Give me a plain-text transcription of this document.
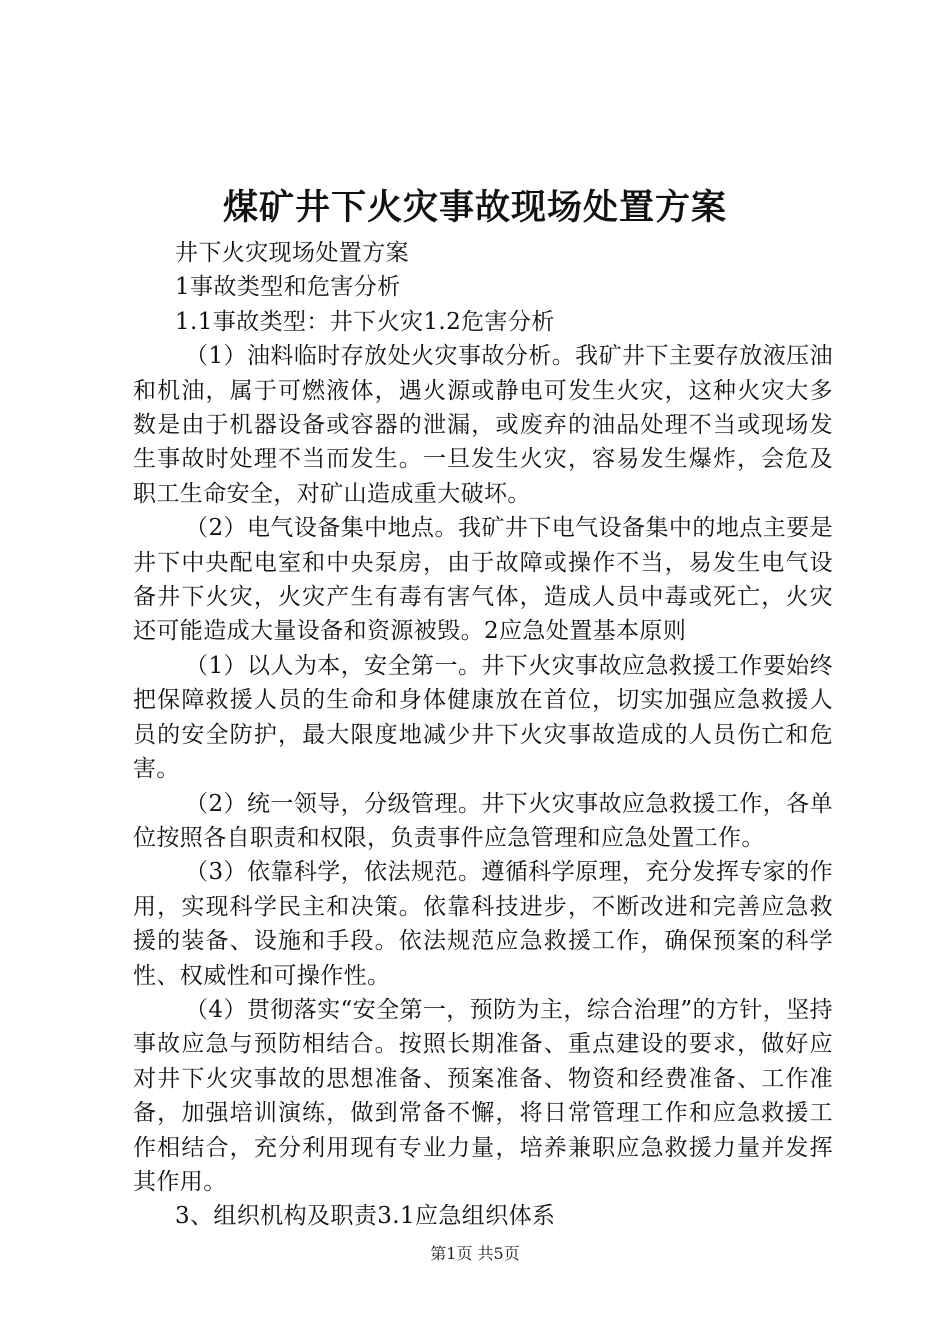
煤矿井下火灾事故现场处置方案

井下火灾现场处置方案

1事故类型和危害分析

1.1事故类型：井下火灾1.2危害分析

（1）油料临时存放处火灾事故分析。我矿井下主要存放液压油和机油，属于可燃液体，遇火源或静电可发生火灾，这种火灾大多数是由于机器设备或容器的泄漏，或废弃的油品处理不当或现场发生事故时处理不当而发生。一旦发生火灾，容易发生爆炸，会危及职工生命安全，对矿山造成重大破坏。

（2）电气设备集中地点。我矿井下电气设备集中的地点主要是井下中央配电室和中央泵房，由于故障或操作不当，易发生电气设备井下火灾，火灾产生有毒有害气体，造成人员中毒或死亡，火灾还可能造成大量设备和资源被毁。2应急处置基本原则

（1）以人为本，安全第一。井下火灾事故应急救援工作要始终把保障救援人员的生命和身体健康放在首位，切实加强应急救援人员的安全防护，最大限度地减少井下火灾事故造成的人员伤亡和危害。

（2）统一领导，分级管理。井下火灾事故应急救援工作，各单位按照各自职责和权限，负责事件应急管理和应急处置工作。

（3）依靠科学，依法规范。遵循科学原理，充分发挥专家的作用，实现科学民主和决策。依靠科技进步，不断改进和完善应急救援的装备、设施和手段。依法规范应急救援工作，确保预案的科学性、权威性和可操作性。

（4）贯彻落实“安全第一，预防为主，综合治理”的方针，坚持事故应急与预防相结合。按照长期准备、重点建设的要求，做好应对井下火灾事故的思想准备、预案准备、物资和经费准备、工作准备，加强培训演练，做到常备不懈，将日常管理工作和应急救援工作相结合，充分利用现有专业力量，培养兼职应急救援力量并发挥其作用。

3、组织机构及职责3.1应急组织体系

第1页 共5页
